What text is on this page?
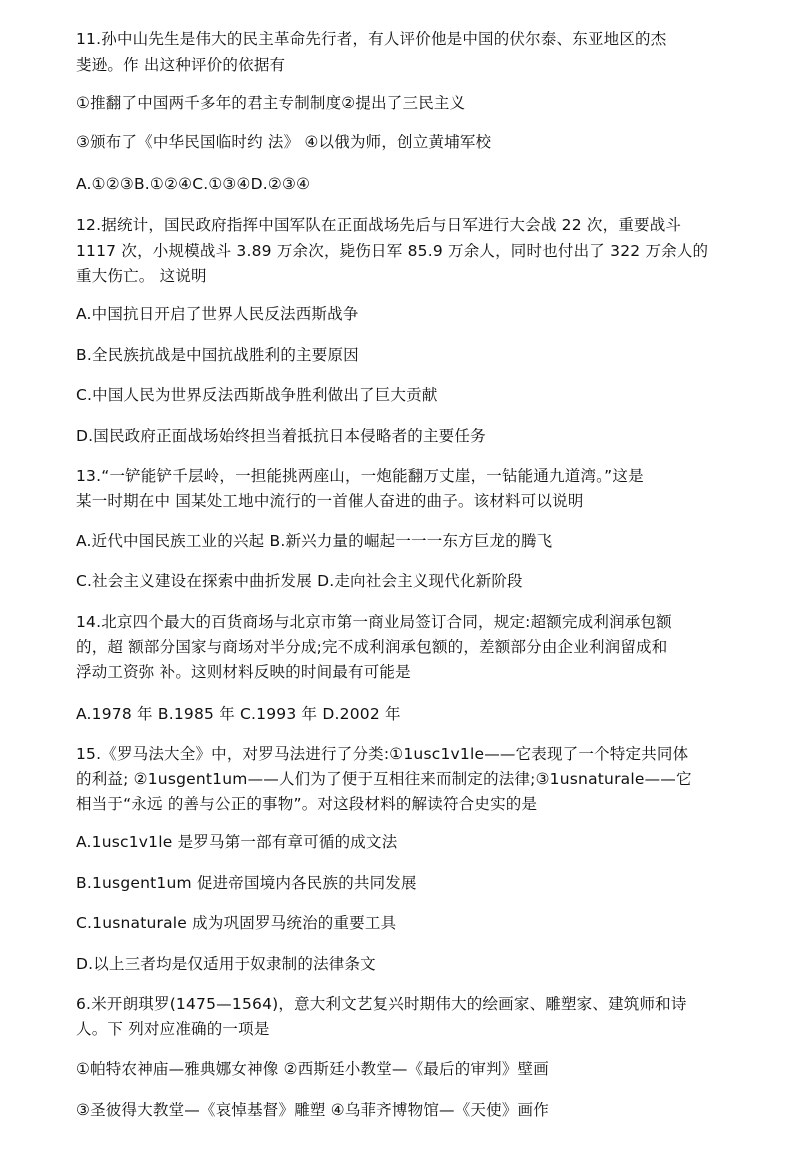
11.孙中山先生是伟大的民主革命先行者，有人评价他是中国的伏尔泰、东亚地区的杰
斐逊。作 出这种评价的依据有
①推翻了中国两千多年的君主专制制度②提出了三民主义
③颁布了《中华民国临时约 法》 ④以俄为师，创立黄埔军校
A.①②③B.①②④C.①③④D.②③④
12.据统计，国民政府指挥中国军队在正面战场先后与日军进行大会战 22 次，重要战斗
1117 次，小规模战斗 3.89 万余次，毙伤日军 85.9 万余人，同时也付出了 322 万余人的
重大伤亡。 这说明
A.中国抗日开启了世界人民反法西斯战争
B.全民族抗战是中国抗战胜利的主要原因
C.中国人民为世界反法西斯战争胜利做出了巨大贡献
D.国民政府正面战场始终担当着抵抗日本侵略者的主要任务
13.“一铲能铲千层岭，一担能挑两座山，一炮能翻万丈崖，一钻能通九道湾。”这是
某一时期在中 国某处工地中流行的一首催人奋进的曲子。该材料可以说明
A.近代中国民族工业的兴起 B.新兴力量的崛起一一一东方巨龙的腾飞
C.社会主义建设在探索中曲折发展 D.走向社会主义现代化新阶段
14.北京四个最大的百货商场与北京市第一商业局签订合同，规定:超额完成利润承包额
的，超 额部分国家与商场对半分成;完不成利润承包额的，差额部分由企业利润留成和
浮动工资弥 补。这则材料反映的时间最有可能是
A.1978 年 B.1985 年 C.1993 年 D.2002 年
15.《罗马法大全》中，对罗马法进行了分类:①1usc1v1le——它表现了一个特定共同体
的利益; ②1usgent1um——人们为了便于互相往来而制定的法律;③1usnaturale——它
相当于“永远 的善与公正的事物”。对这段材料的解读符合史实的是
A.1usc1v1le 是罗马第一部有章可循的成文法
B.1usgent1um 促进帝国境内各民族的共同发展
C.1usnaturale 成为巩固罗马统治的重要工具
D.以上三者均是仅适用于奴隶制的法律条文
6.米开朗琪罗(1475—1564)，意大利文艺复兴时期伟大的绘画家、雕塑家、建筑师和诗
人。下 列对应准确的一项是
①帕特农神庙—雅典娜女神像 ②西斯廷小教堂—《最后的审判》壁画
③圣彼得大教堂—《哀悼基督》雕塑 ④乌菲齐博物馆—《天使》画作
